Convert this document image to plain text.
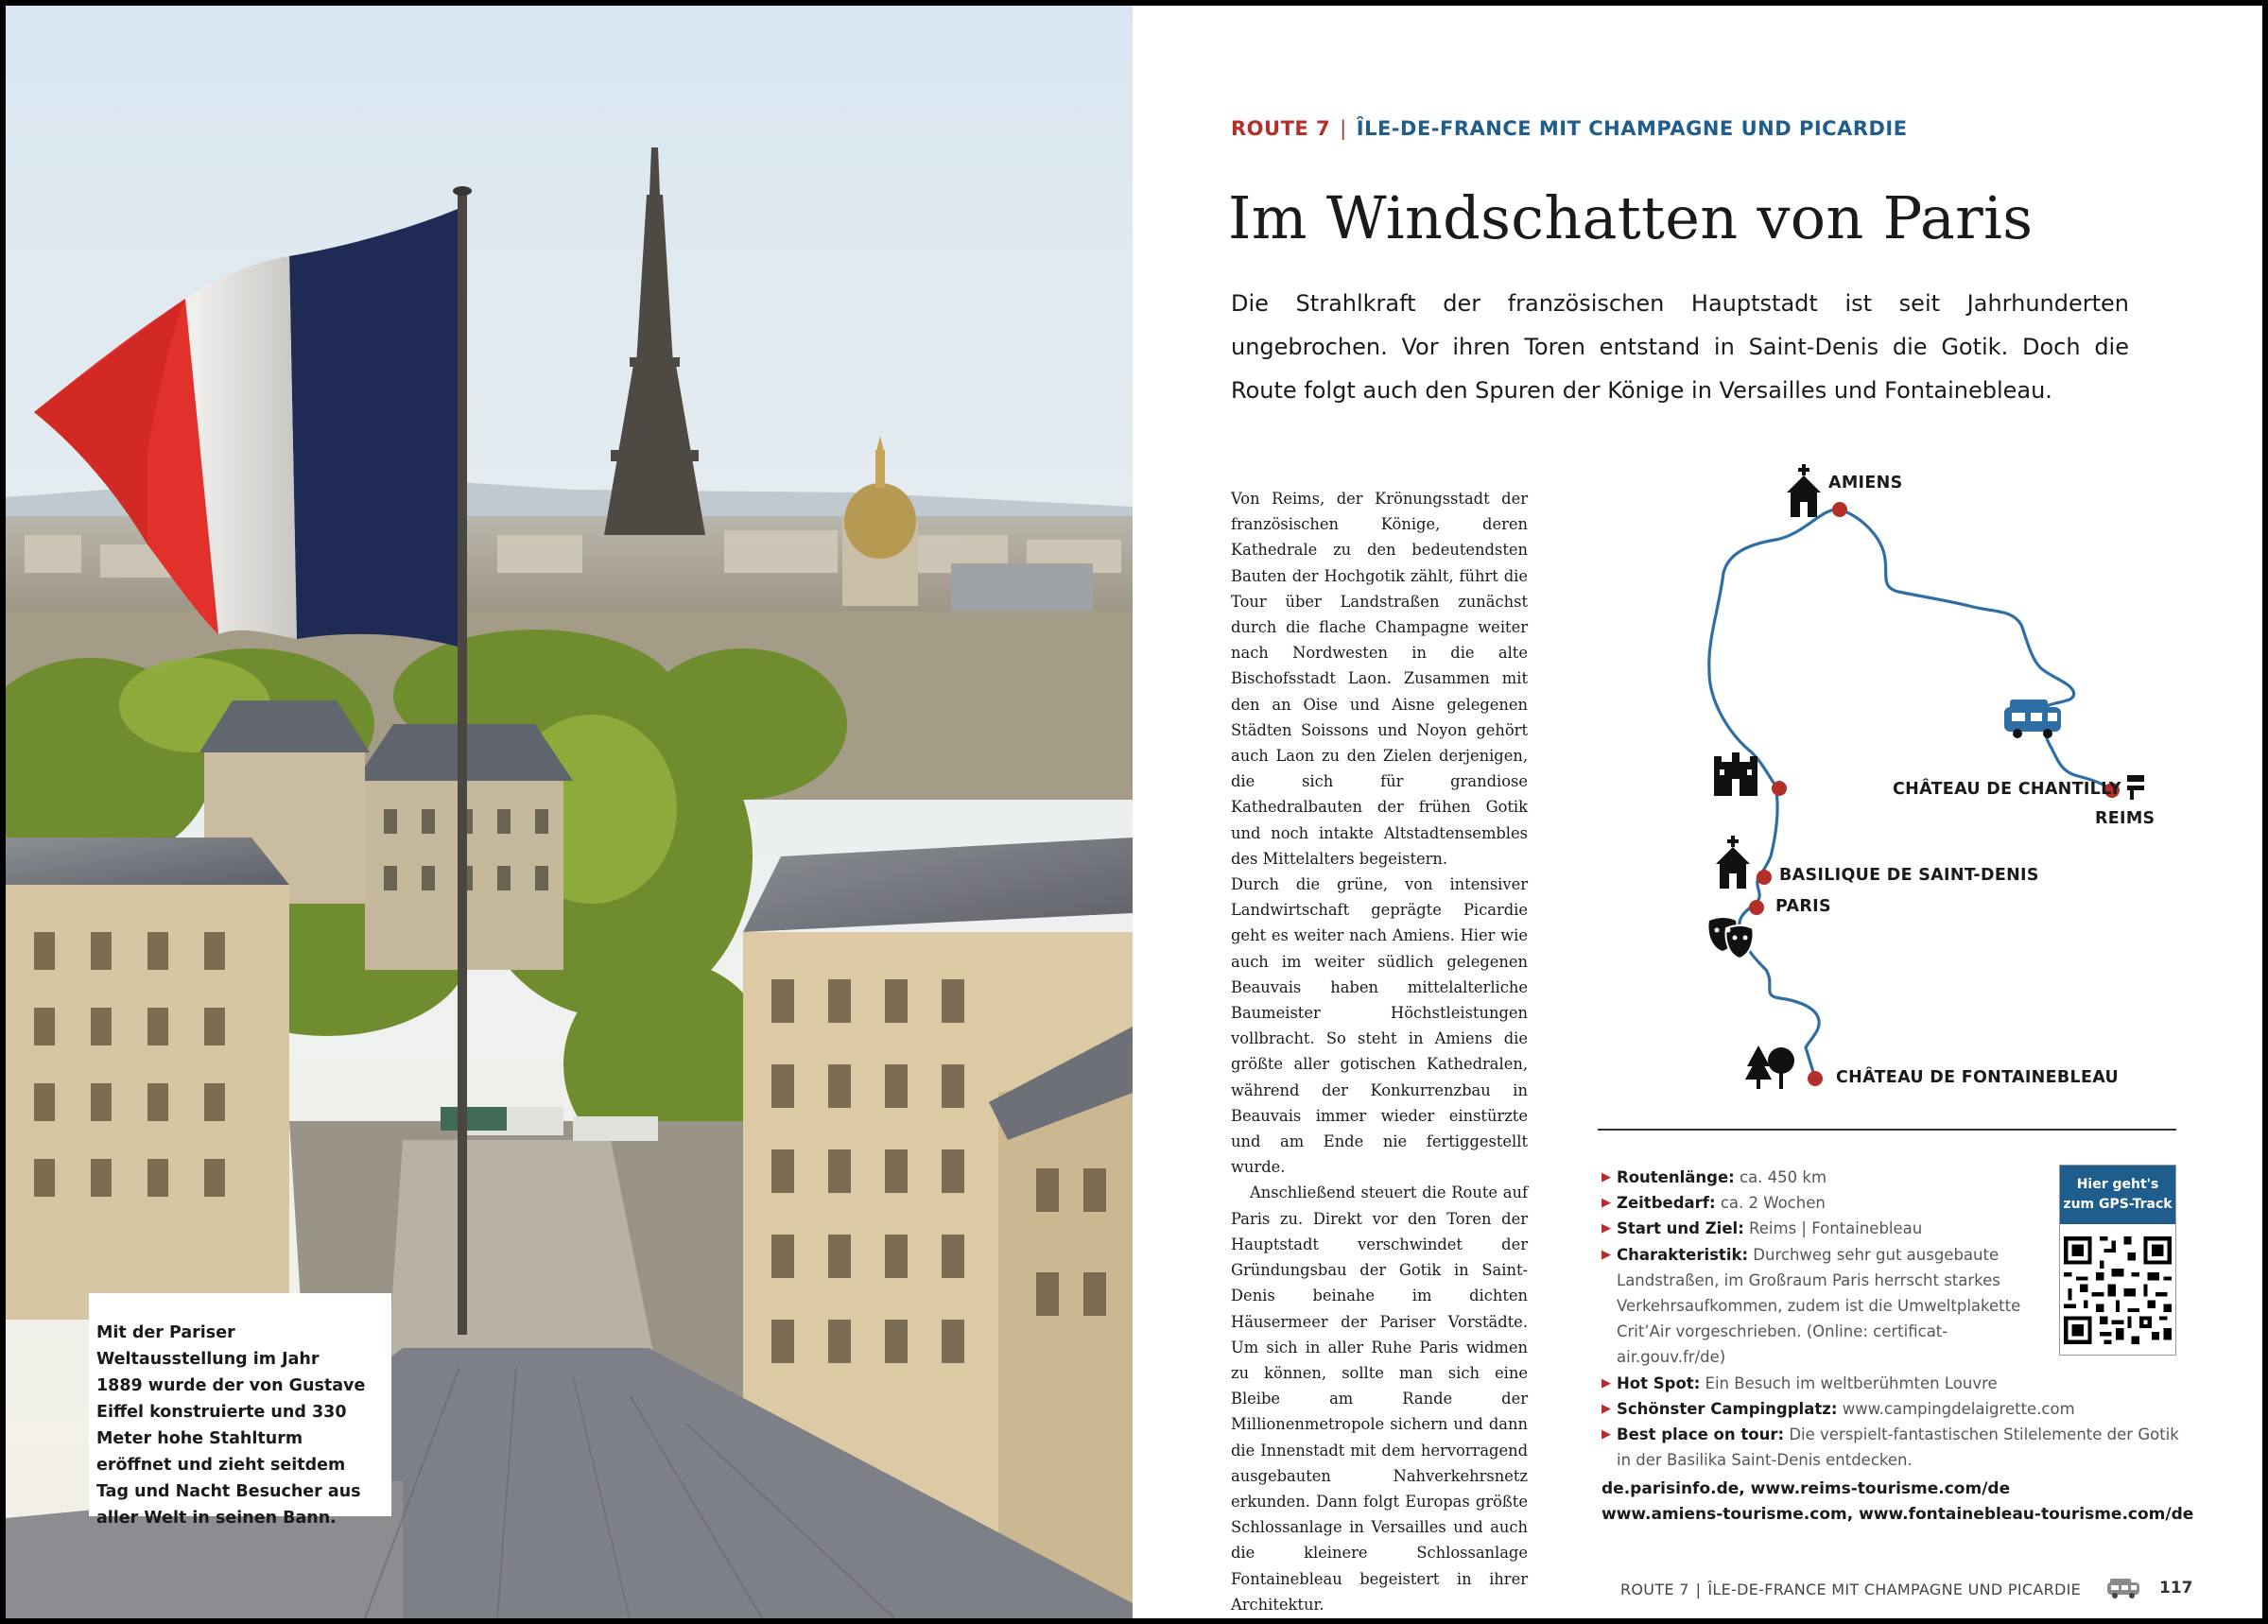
Mit der Pariser Weltausstellung im Jahr 1889 wurde der von Gustave Eiffel konstruierte und 330 Meter hohe Stahlturm eröffnet und zieht seitdem Tag und Nacht Besucher aus aller Welt in seinen Bann.

ROUTE 7 | ÎLE-DE-FRANCE MIT CHAMPAGNE UND PICARDIE
Im Windschatten von Paris
Die Strahlkraft der französischen Hauptstadt ist seit Jahrhunderten ungebrochen. Vor ihren Toren entstand in Saint-Denis die Gotik. Doch die Route folgt auch den Spuren der Könige in Versailles und Fontainebleau.

Von Reims, der Krönungsstadt der französischen Könige, deren Kathedrale zu den bedeutendsten Bauten der Hochgotik zählt, führt die Tour über Landstraßen zunächst durch die flache Champagne weiter nach Nordwesten in die alte Bischofsstadt Laon. Zusammen mit den an Oise und Aisne gelegenen Städten Soissons und Noyon gehört auch Laon zu den Zielen derjenigen, die sich für grandiose Kathedralbauten der frühen Gotik und noch intakte Altstadtensembles des Mittelalters begeistern.

Durch die grüne, von intensiver Landwirtschaft geprägte Picardie geht es weiter nach Amiens. Hier wie auch im weiter südlich gelegenen Beauvais haben mittelalterliche Baumeister Höchstleistungen vollbracht. So steht in Amiens die größte aller gotischen Kathedralen, während der Konkurrenzbau in Beauvais immer wieder einstürzte und am Ende nie fertiggestellt wurde.

Anschließend steuert die Route auf Paris zu. Direkt vor den Toren der Hauptstadt verschwindet der Gründungsbau der Gotik in Saint-Denis beinahe im dichten Häusermeer der Pariser Vorstädte. Um sich in aller Ruhe Paris widmen zu können, sollte man sich eine Bleibe am Rande der Millionenmetropole sichern und dann die Innenstadt mit dem hervorragend ausgebauten Nahverkehrsnetz erkunden. Dann folgt Europas größte Schlossanlage in Versailles und auch die kleinere Schlossanlage Fontainebleau begeistert in ihrer Architektur.

AMIENS
CHÂTEAU DE CHANTILLY
REIMS
BASILIQUE DE SAINT-DENIS
PARIS
CHÂTEAU DE FONTAINEBLEAU
▶ Routenlänge: ca. 450 km
▶ Zeitbedarf: ca. 2 Wochen
▶ Start und Ziel: Reims | Fontainebleau
▶ Charakteristik: Durchweg sehr gut ausgebaute Landstraßen, im Großraum Paris herrscht starkes Verkehrsaufkommen, zudem ist die Umweltplakette Crit’Air vorgeschrieben. (Online: certificat-air.gouv.fr/de)
▶ Hot Spot: Ein Besuch im weltberühmten Louvre
▶ Schönster Campingplatz: www.campingdelaigrette.com
▶ Best place on tour: Die verspielt-fantastischen Stilelemente der Gotik in der Basilika Saint-Denis entdecken.
de.parisinfo.de, www.reims-tourisme.com/de
www.amiens-tourisme.com, www.fontainebleau-tourisme.com/de
Hier geht's
zum GPS-Track
ROUTE 7 | ÎLE-DE-FRANCE MIT CHAMPAGNE UND PICARDIE	117
